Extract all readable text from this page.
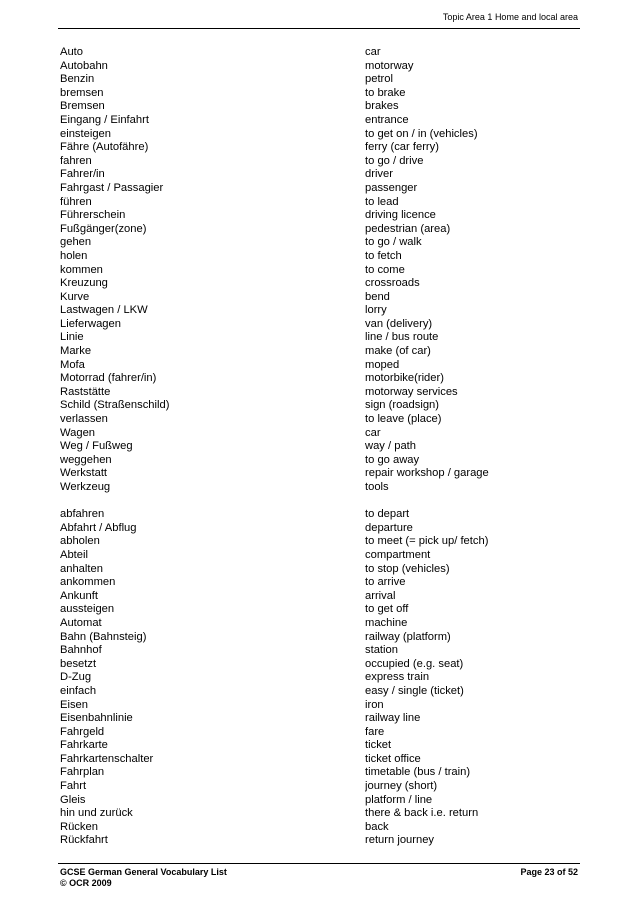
Topic Area 1 Home and local area
Auto	car
Autobahn	motorway
Benzin	petrol
bremsen	to brake
Bremsen	brakes
Eingang / Einfahrt	entrance
einsteigen	to get on / in (vehicles)
Fähre (Autofähre)	ferry (car ferry)
fahren	to go / drive
Fahrer/in	driver
Fahrgast / Passagier	passenger
führen	to lead
Führerschein	driving licence
Fußgänger(zone)	pedestrian (area)
gehen	to go / walk
holen	to fetch
kommen	to come
Kreuzung	crossroads
Kurve	bend
Lastwagen / LKW	lorry
Lieferwagen	van (delivery)
Linie	line / bus route
Marke	make (of car)
Mofa	moped
Motorrad (fahrer/in)	motorbike(rider)
Raststätte	motorway services
Schild (Straßenschild)	sign (roadsign)
verlassen	to leave (place)
Wagen	car
Weg / Fußweg	way / path
weggehen	to go away
Werkstatt	repair workshop / garage
Werkzeug	tools
abfahren	to depart
Abfahrt / Abflug	departure
abholen	to meet (= pick up/ fetch)
Abteil	compartment
anhalten	to stop (vehicles)
ankommen	to arrive
Ankunft	arrival
aussteigen	to get off
Automat	machine
Bahn (Bahnsteig)	railway (platform)
Bahnhof	station
besetzt	occupied (e.g. seat)
D-Zug	express train
einfach	easy / single (ticket)
Eisen	iron
Eisenbahnlinie	railway line
Fahrgeld	fare
Fahrkarte	ticket
Fahrkartenschalter	ticket office
Fahrplan	timetable (bus / train)
Fahrt	journey (short)
Gleis	platform / line
hin und zurück	there & back i.e. return
Rücken	back
Rückfahrt	return journey
GCSE German General Vocabulary List
© OCR 2009
Page 23 of 52
